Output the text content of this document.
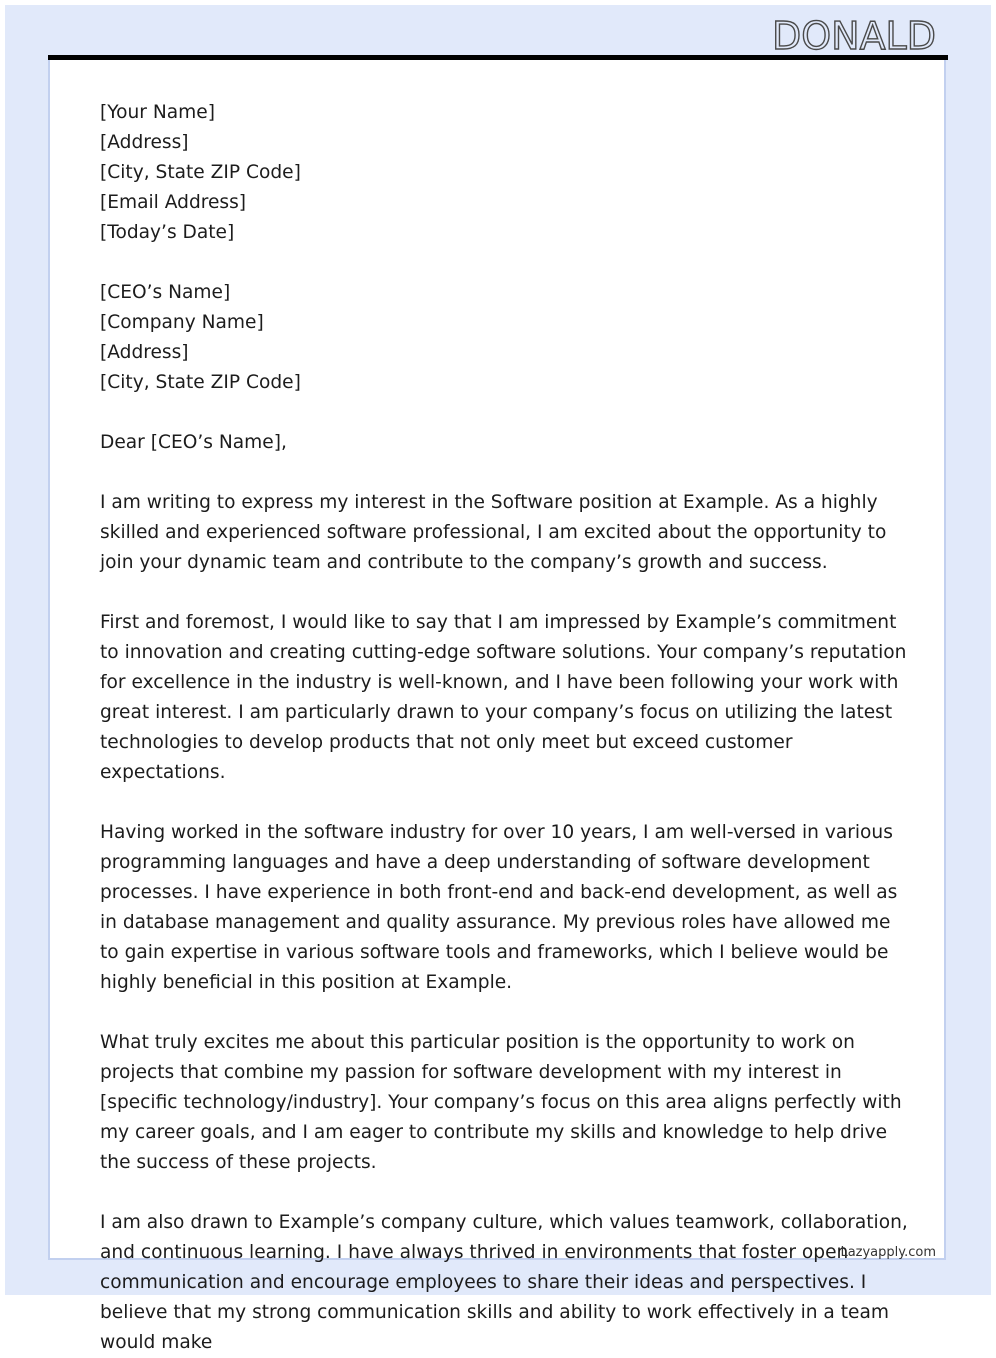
DONALD
[Your Name]
[Address]
[City, State ZIP Code]
[Email Address]
[Today’s Date]
[CEO’s Name]
[Company Name]
[Address]
[City, State ZIP Code]
Dear [CEO’s Name],

I am writing to express my interest in the Software position at Example. As a highly skilled and experienced software professional, I am excited about the opportunity to join your dynamic team and contribute to the company’s growth and success.

First and foremost, I would like to say that I am impressed by Example’s commitment to innovation and creating cutting-edge software solutions. Your company’s reputation for excellence in the industry is well-known, and I have been following your work with great interest. I am particularly drawn to your company’s focus on utilizing the latest technologies to develop products that not only meet but exceed customer expectations.

Having worked in the software industry for over 10 years, I am well-versed in various programming languages and have a deep understanding of software development processes. I have experience in both front-end and back-end development, as well as in database management and quality assurance. My previous roles have allowed me to gain expertise in various software tools and frameworks, which I believe would be highly beneficial in this position at Example.

What truly excites me about this particular position is the opportunity to work on projects that combine my passion for software development with my interest in [specific technology/industry]. Your company’s focus on this area aligns perfectly with my career goals, and I am eager to contribute my skills and knowledge to help drive the success of these projects.

I am also drawn to Example’s company culture, which values teamwork, collaboration, and continuous learning. I have always thrived in environments that foster open communication and encourage employees to share their ideas and perspectives. I believe that my strong communication skills and ability to work effectively in a team would make

Lazyapply.com
